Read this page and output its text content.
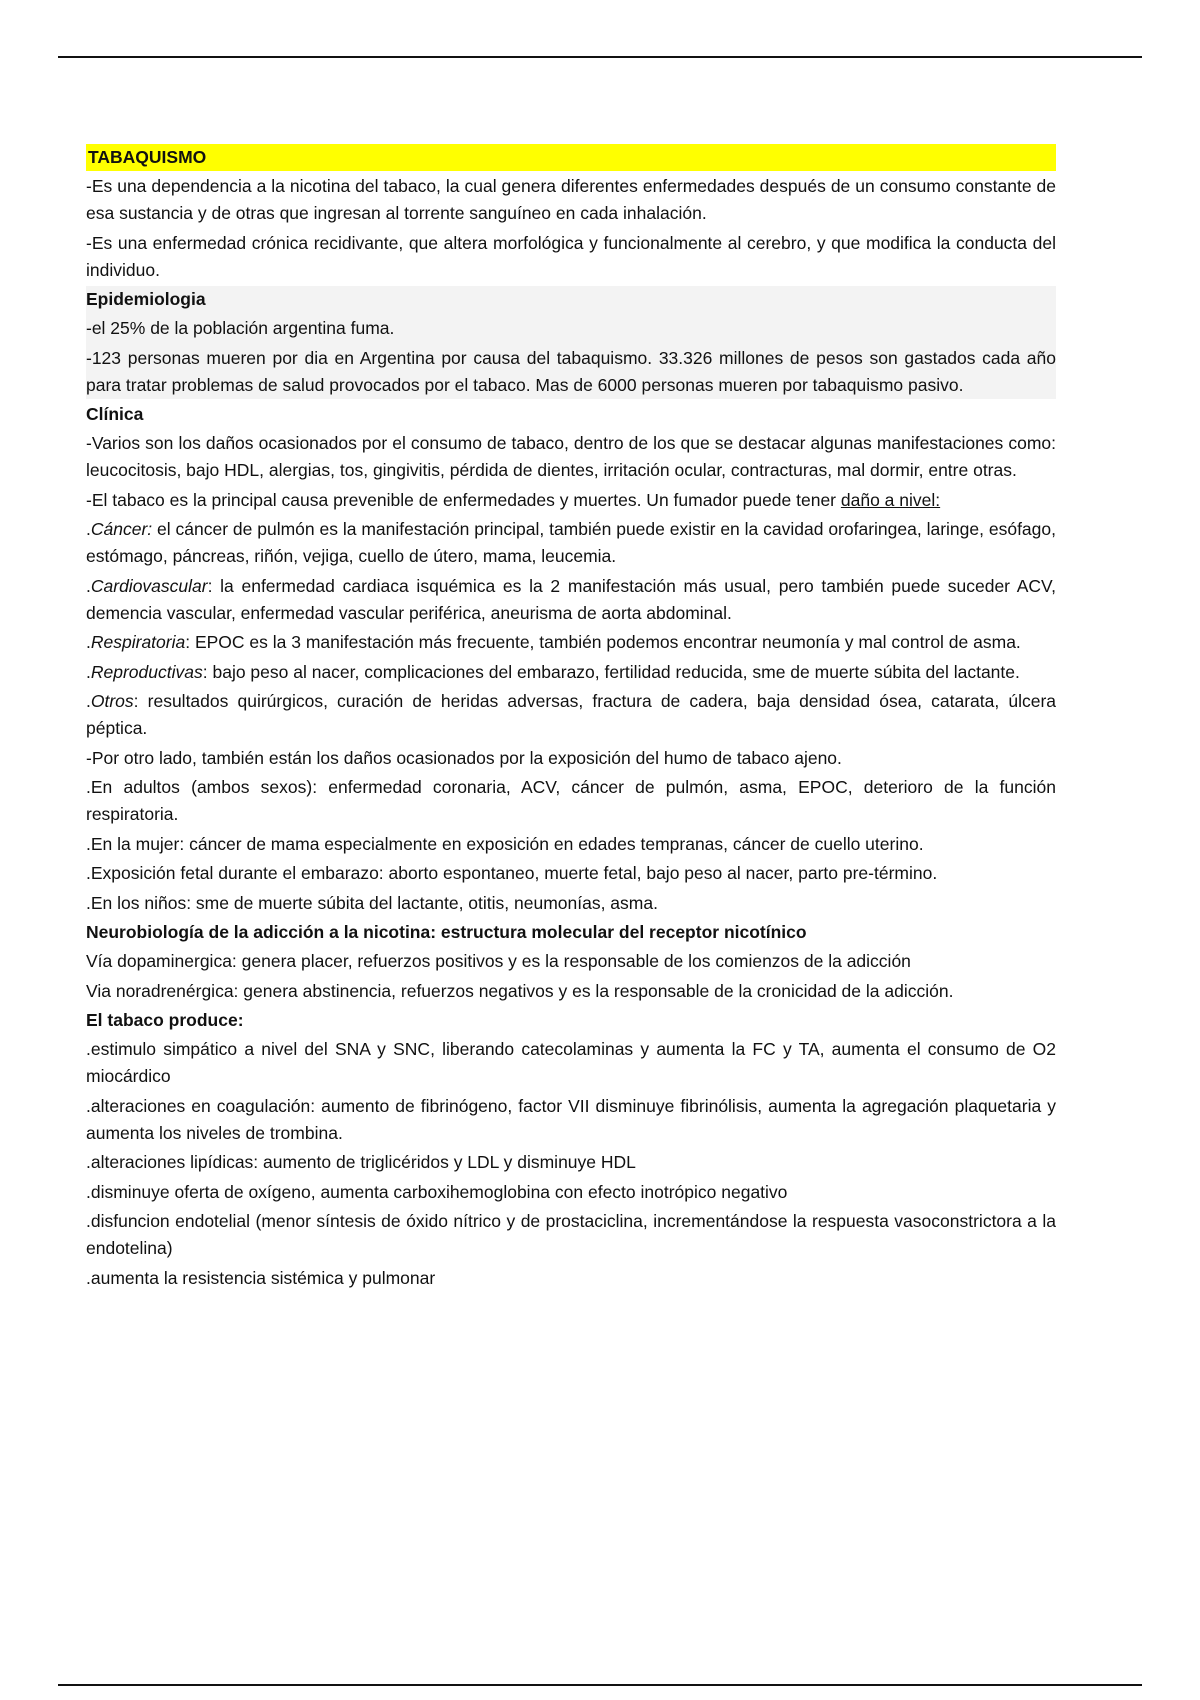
TABAQUISMO

-Es una dependencia a la nicotina del tabaco, la cual genera diferentes enfermedades después de un consumo constante de esa sustancia y de otras que ingresan al torrente sanguíneo en cada inhalación.

-Es una enfermedad crónica recidivante, que altera morfológica y funcionalmente al cerebro, y que modifica la conducta del individuo.

Epidemiologia

-el 25% de la población argentina fuma.

-123 personas mueren por dia en Argentina por causa del tabaquismo. 33.326 millones de pesos son gastados cada año para tratar problemas de salud provocados por el tabaco. Mas de 6000 personas mueren por tabaquismo pasivo.

Clínica

-Varios son los daños ocasionados por el consumo de tabaco, dentro de los que se destacar algunas manifestaciones como: leucocitosis, bajo HDL, alergias, tos, gingivitis, pérdida de dientes, irritación ocular, contracturas, mal dormir, entre otras.

-El tabaco es la principal causa prevenible de enfermedades y muertes. Un fumador puede tener daño a nivel:

.Cáncer: el cáncer de pulmón es la manifestación principal, también puede existir en la cavidad orofaringea, laringe, esófago, estómago, páncreas, riñón, vejiga, cuello de útero, mama, leucemia.

.Cardiovascular: la enfermedad cardiaca isquémica es la 2 manifestación más usual, pero también puede suceder ACV, demencia vascular, enfermedad vascular periférica, aneurisma de aorta abdominal.

.Respiratoria: EPOC es la 3 manifestación más frecuente, también podemos encontrar neumonía y mal control de asma.

.Reproductivas: bajo peso al nacer, complicaciones del embarazo, fertilidad reducida, sme de muerte súbita del lactante.

.Otros: resultados quirúrgicos, curación de heridas adversas, fractura de cadera, baja densidad ósea, catarata, úlcera péptica.

-Por otro lado, también están los daños ocasionados por la exposición del humo de tabaco ajeno.

.En adultos (ambos sexos): enfermedad coronaria, ACV, cáncer de pulmón, asma, EPOC, deterioro de la función respiratoria.

.En la mujer: cáncer de mama especialmente en exposición en edades tempranas, cáncer de cuello uterino.

.Exposición fetal durante el embarazo: aborto espontaneo, muerte fetal, bajo peso al nacer, parto pre-término.

.En los niños: sme de muerte súbita del lactante, otitis, neumonías, asma.

Neurobiología de la adicción a la nicotina: estructura molecular del receptor nicotínico

Vía dopaminergica: genera placer, refuerzos positivos y es la responsable de los comienzos de la adicción

Via noradrenérgica: genera abstinencia, refuerzos negativos y es la responsable de la cronicidad de la adicción.

El tabaco produce:

.estimulo simpático a nivel del SNA y SNC, liberando catecolaminas y aumenta la FC y TA, aumenta el consumo de O2 miocárdico

.alteraciones en coagulación: aumento de fibrinógeno, factor VII disminuye fibrinólisis, aumenta la agregación plaquetaria y aumenta los niveles de trombina.

.alteraciones lipídicas: aumento de triglicéridos y LDL y disminuye HDL

.disminuye oferta de oxígeno, aumenta carboxihemoglobina con efecto inotrópico negativo

.disfuncion endotelial (menor síntesis de óxido nítrico y de prostaciclina, incrementándose la respuesta vasoconstrictora a la endotelina)

.aumenta la resistencia sistémica y pulmonar
